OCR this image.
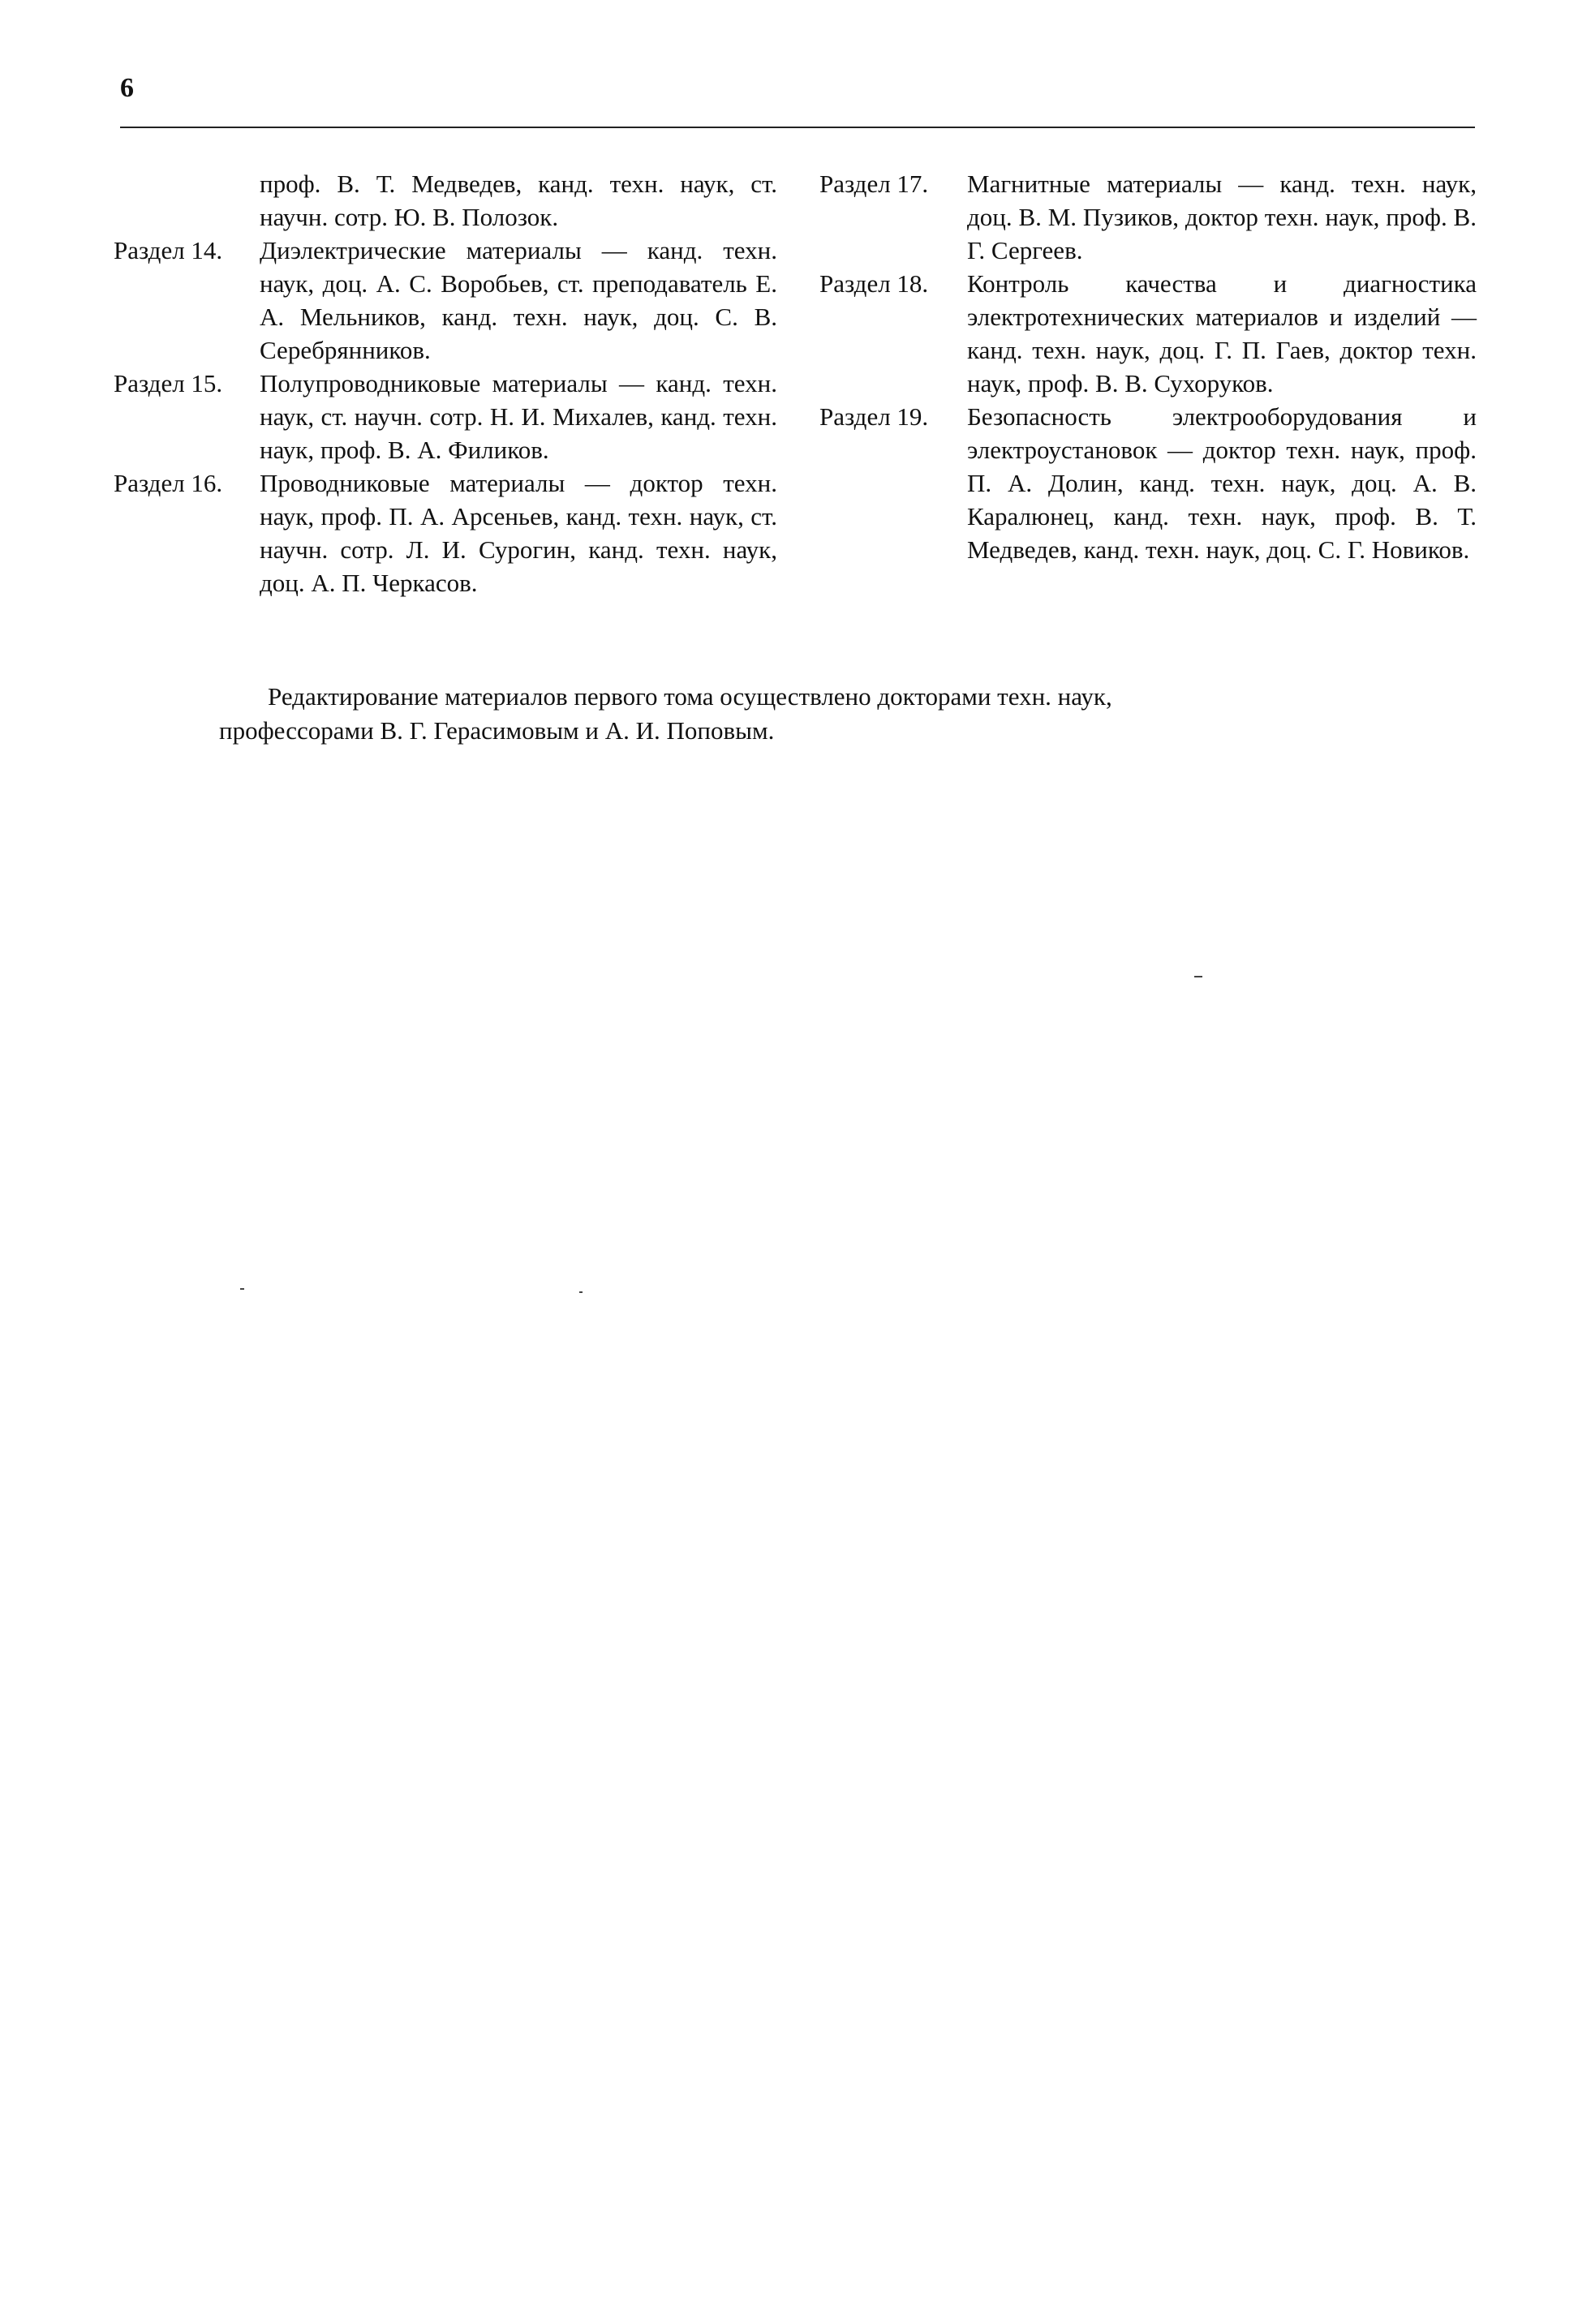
6
проф. В. Т. Медведев, канд. техн. наук, ст. научн. сотр. Ю. В. Полозок.
Раздел 14.	Диэлектрические материалы — канд. техн. наук, доц. А. С. Воробьев, ст. преподаватель Е. А. Мельников, канд. техн. наук, доц. С. В. Серебрянников.
Раздел 15.	Полупроводниковые материалы — канд. техн. наук, ст. научн. сотр. Н. И. Михалев, канд. техн. наук, проф. В. А. Филиков.
Раздел 16.	Проводниковые материалы — доктор техн. наук, проф. П. А. Арсеньев, канд. техн. наук, ст. научн. сотр. Л. И. Сурогин, канд. техн. наук, доц. А. П. Черкасов.
Раздел 17.	Магнитные материалы — канд. техн. наук, доц. В. М. Пузиков, доктор техн. наук, проф. В. Г. Сергеев.
Раздел 18.	Контроль качества и диагностика электротехнических материалов и изделий — канд. техн. наук, доц. Г. П. Гаев, доктор техн. наук, проф. В. В. Сухоруков.
Раздел 19.	Безопасность электрооборудования и электроустановок — доктор техн. наук, проф. П. А. Долин, канд. техн. наук, доц. А. В. Каралюнец, канд. техн. наук, проф. В. Т. Медведев, канд. техн. наук, доц. С. Г. Новиков.
Редактирование материалов первого тома осуществлено докторами техн. наук,
профессорами В. Г. Герасимовым и А. И. Поповым.
